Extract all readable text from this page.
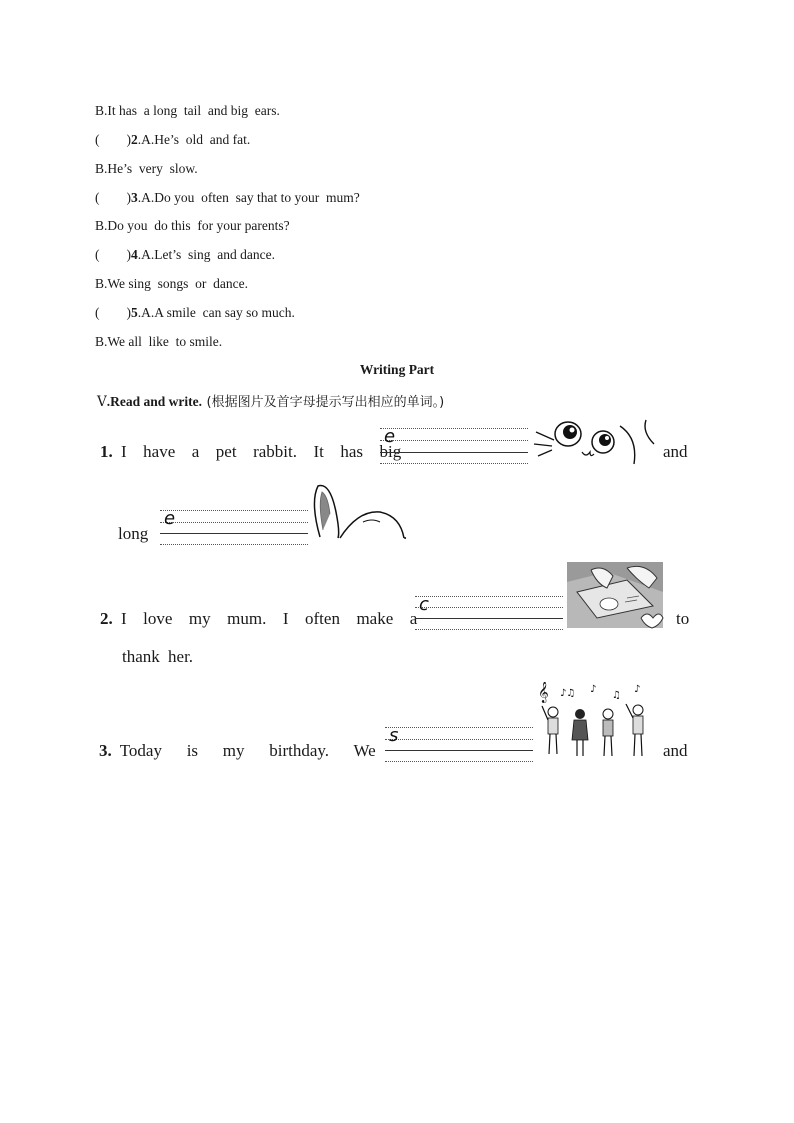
B.It has  a long  tail  and big  ears.
(        )2.A.He’s  old  and fat.
B.He’s  very  slow.
(        )3.A.Do you  often  say that to your  mum?
B.Do you  do this  for your parents?
(        )4.A.Let’s  sing  and dance.
B.We sing  songs  or  dance.
(        )5.A.A smile  can say so much.
B.We all  like  to smile.
Writing Part
Ⅴ.Read and write. (根据图片及首字母提示写出相应的单词。)
1. I  have  a  pet  rabbit.  It  has  big
e
and
long
e
.
2. I  love  my  mum.  I  often  make  a
c
to
thank her.
3. Today   is   my   birthday.   We
s
𝄞 ♪♫ ♪
♫
♪
and
